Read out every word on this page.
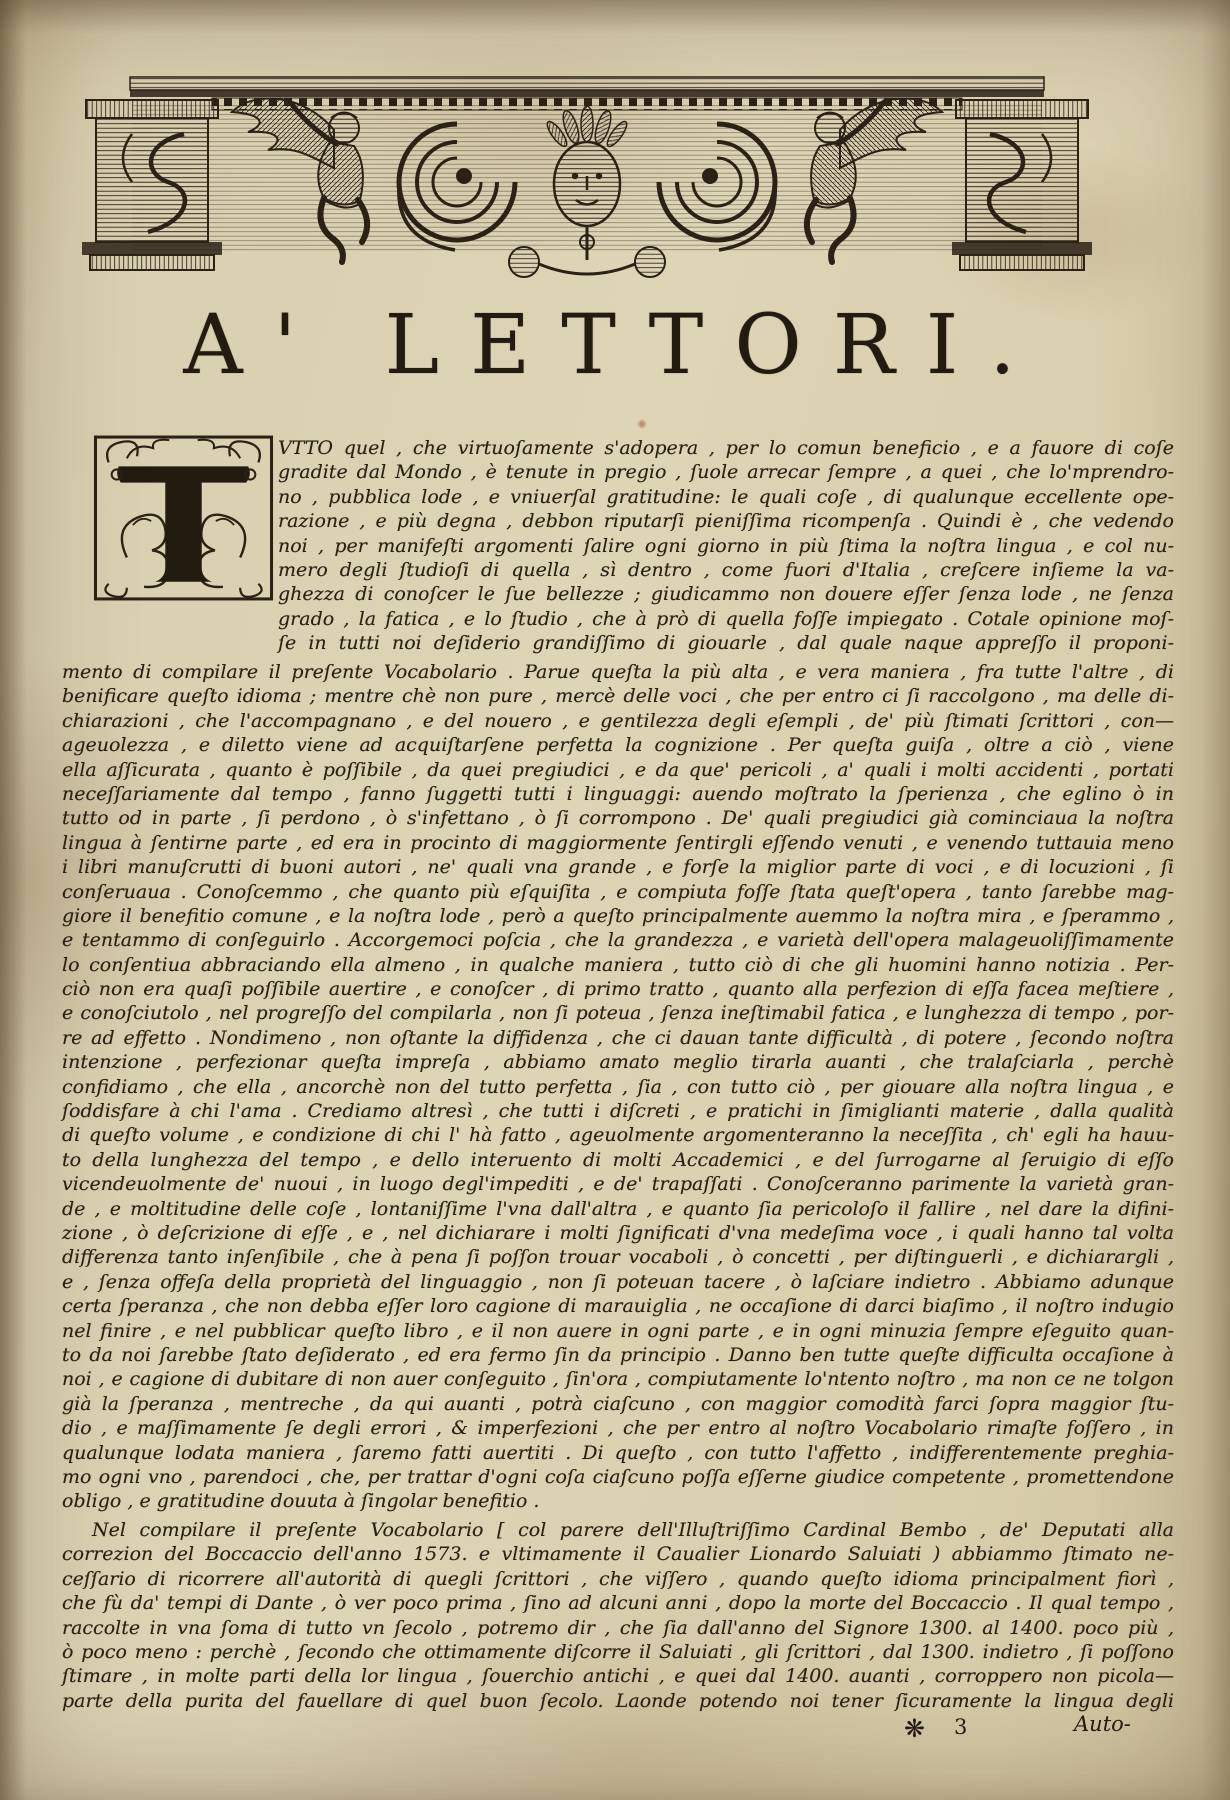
A' LETTORI.
VTTO quel , che virtuoſamente s'adopera , per lo comun beneficio , e a fauore di coſe
gradite dal Mondo , è tenute in pregio , ſuole arrecar ſempre , a quei , che lo'mprendro-
no , pubblica lode , e vniuerſal gratitudine: le quali coſe , di qualunque eccellente ope-
razione , e più degna , debbon riputarſi pieniſſima ricompenſa . Quindi è , che vedendo
noi , per manifeſti argomenti ſalire ogni giorno in più ſtima la noſtra lingua , e col nu-
mero degli ſtudioſi di quella , sì dentro , come fuori d'Italia , creſcere inſieme la va-
ghezza di conoſcer le ſue bellezze ; giudicammo non douere eſſer ſenza lode , ne ſenza
grado , la fatica , e lo ſtudio , che à prò di quella foſſe impiegato . Cotale opinione moſ-
ſe in tutti noi deſiderio grandiſſimo di giouarle , dal quale naque appreſſo il proponi-
mento di compilare il preſente Vocabolario . Parue queſta la più alta , e vera maniera , fra tutte l'altre , di
benificare queſto idioma ; mentre chè non pure , mercè delle voci , che per entro ci ſi raccolgono , ma delle di-
chiarazioni , che l'accompagnano , e del nouero , e gentilezza degli eſempli , de' più ſtimati ſcrittori , con—
ageuolezza , e diletto viene ad acquiſtarſene perfetta la cognizione . Per queſta guiſa , oltre a ciò , viene
ella aſſicurata , quanto è poſſibile , da quei pregiudici , e da que' pericoli , a' quali i molti accidenti , portati
neceſſariamente dal tempo , fanno ſuggetti tutti i linguaggi: auendo moſtrato la ſperienza , che eglino ò in
tutto od in parte , ſi perdono , ò s'infettano , ò ſi corrompono . De' quali pregiudici già cominciaua la noſtra
lingua à ſentirne parte , ed era in procinto di maggiormente ſentirgli eſſendo venuti , e venendo tuttauia meno
i libri manuſcrutti di buoni autori , ne' quali vna grande , e forſe la miglior parte di voci , e di locuzioni , ſi
conſeruaua . Conoſcemmo , che quanto più eſquiſita , e compiuta foſſe ſtata queſt'opera , tanto ſarebbe mag-
giore il benefitio comune , e la noſtra lode , però a queſto principalmente auemmo la noſtra mira , e ſperammo ,
e tentammo di conſeguirlo . Accorgemoci poſcia , che la grandezza , e varietà dell'opera malageuoliſſimamente
lo conſentiua abbraciando ella almeno , in qualche maniera , tutto ciò di che gli huomini hanno notizia . Per-
ciò non era quaſi poſſibile auertire , e conoſcer , di primo tratto , quanto alla perfezion di eſſa facea meſtiere ,
e conoſciutolo , nel progreſſo del compilarla , non ſi poteua , ſenza ineſtimabil fatica , e lunghezza di tempo , por-
re ad effetto . Nondimeno , non oſtante la diffidenza , che ci dauan tante difficultà , di potere , ſecondo noſtra
intenzione , perfezionar queſta impreſa , abbiamo amato meglio tirarla auanti , che tralaſciarla , perchè
confidiamo , che ella , ancorchè non del tutto perfetta , ſia , con tutto ciò , per giouare alla noſtra lingua , e
ſoddisfare à chi l'ama . Crediamo altresì , che tutti i diſcreti , e pratichi in ſimiglianti materie , dalla qualità
di queſto volume , e condizione di chi l' hà fatto , ageuolmente argomenteranno la neceſſita , ch' egli ha hauu-
to della lunghezza del tempo , e dello interuento di molti Accademici , e del ſurrogarne al ſeruigio di eſſo
vicendeuolmente de' nuoui , in luogo degl'impediti , e de' trapaſſati . Conoſceranno parimente la varietà gran-
de , e moltitudine delle coſe , lontaniſſime l'vna dall'altra , e quanto ſia pericoloſo il fallire , nel dare la difini-
zione , ò deſcrizione di eſſe , e , nel dichiarare i molti ſignificati d'vna medeſima voce , i quali hanno tal volta
differenza tanto inſenſibile , che à pena ſi poſſon trouar vocaboli , ò concetti , per diſtinguerli , e dichiarargli ,
e , ſenza offeſa della proprietà del linguaggio , non ſi poteuan tacere , ò laſciare indietro . Abbiamo adunque
certa ſperanza , che non debba eſſer loro cagione di marauiglia , ne occaſione di darci biaſimo , il noſtro indugio
nel finire , e nel pubblicar queſto libro , e il non auere in ogni parte , e in ogni minuzia ſempre eſeguito quan-
to da noi ſarebbe ſtato deſiderato , ed era fermo ſin da principio . Danno ben tutte queſte difficulta occaſione à
noi , e cagione di dubitare di non auer conſeguito , ſin'ora , compiutamente lo'ntento noſtro , ma non ce ne tolgon
già la ſperanza , mentreche , da qui auanti , potrà ciaſcuno , con maggior comodità farci ſopra maggior ſtu-
dio , e maſſimamente ſe degli errori , & imperfezioni , che per entro al noſtro Vocabolario rimaſte foſſero , in
qualunque lodata maniera , ſaremo fatti auertiti . Di queſto , con tutto l'affetto , indifferentemente preghia-
mo ogni vno , parendoci , che, per trattar d'ogni coſa ciaſcuno poſſa eſſerne giudice competente , promettendone
obligo , e gratitudine douuta à ſingolar benefitio .
Nel compilare il preſente Vocabolario [ col parere dell'Illuſtriſſimo Cardinal Bembo , de' Deputati alla
correzion del Boccaccio dell'anno 1573. e vltimamente il Caualier Lionardo Saluiati ) abbiammo ſtimato ne-
ceſſario di ricorrere all'autorità di quegli ſcrittori , che viſſero , quando queſto idioma principalment fiorì ,
che fù da' tempi di Dante , ò ver poco prima , ſino ad alcuni anni , dopo la morte del Boccaccio . Il qual tempo ,
raccolte in vna ſoma di tutto vn ſecolo , potremo dir , che ſia dall'anno del Signore 1300. al 1400. poco più ,
ò poco meno : perchè , ſecondo che ottimamente diſcorre il Saluiati , gli ſcrittori , dal 1300. indietro , ſi poſſono
ſtimare , in molte parti della lor lingua , ſouerchio antichi , e quei dal 1400. auanti , corroppero non picola—
parte della purita del fauellare di quel buon ſecolo. Laonde potendo noi tener ſicuramente la lingua degli
❋ 3	Auto-
